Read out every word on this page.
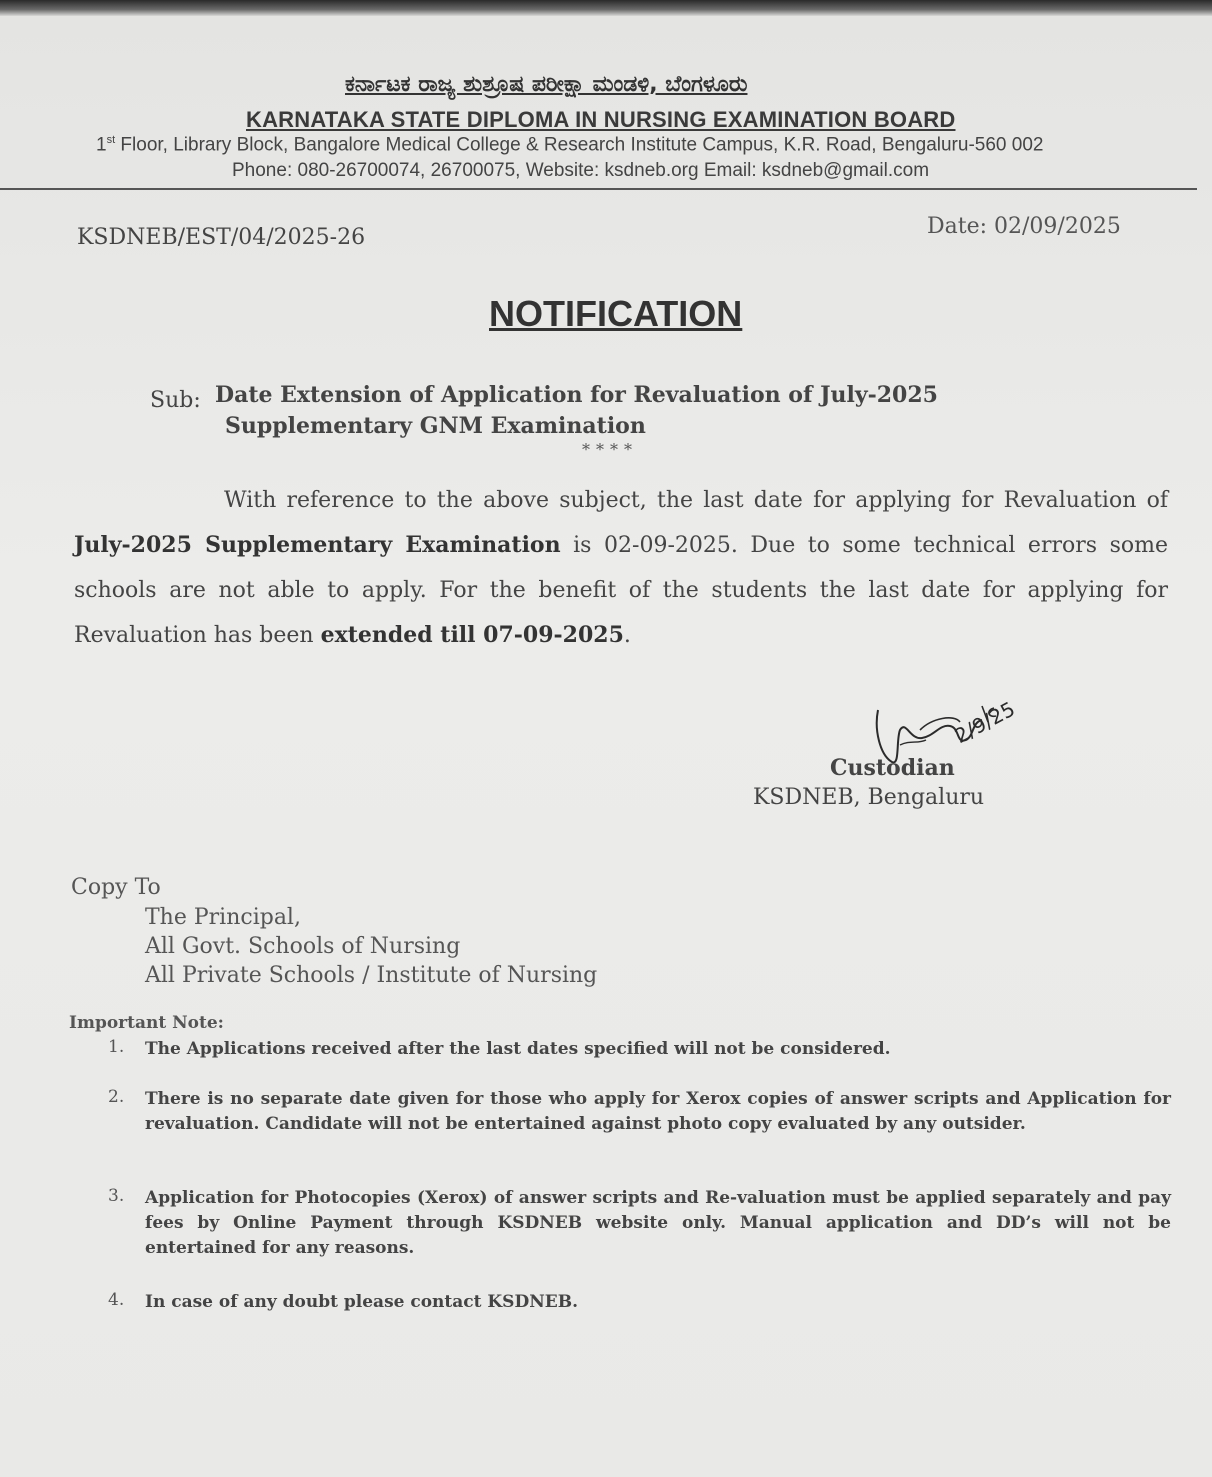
ಕರ್ನಾಟಕ ರಾಜ್ಯ ಶುಶ್ರೂಷ ಪರೀಕ್ಷಾ ಮಂಡಳಿ, ಬೆಂಗಳೂರು
KARNATAKA STATE DIPLOMA IN NURSING EXAMINATION BOARD
1st Floor, Library Block, Bangalore Medical College & Research Institute Campus, K.R. Road, Bengaluru-560 002
Phone: 080-26700074, 26700075, Website: ksdneb.org Email: ksdneb@gmail.com
KSDNEB/EST/04/2025-26	Date: 02/09/2025
NOTIFICATION
Sub: Date Extension of Application for Revaluation of July-2025
Supplementary GNM Examination
****
With reference to the above subject, the last date for applying for Revaluation of July-2025 Supplementary Examination is 02-09-2025. Due to some technical errors some schools are not able to apply. For the benefit of the students the last date for applying for Revaluation has been extended till 07-09-2025.
2/9/25
Custodian
KSDNEB, Bengaluru
Copy To
The Principal,
All Govt. Schools of Nursing
All Private Schools / Institute of Nursing
Important Note:
1. The Applications received after the last dates specified will not be considered.
2. There is no separate date given for those who apply for Xerox copies of answer scripts and Application for revaluation. Candidate will not be entertained against photo copy evaluated by any outsider.
3. Application for Photocopies (Xerox) of answer scripts and Re-valuation must be applied separately and pay fees by Online Payment through KSDNEB website only. Manual application and DD’s will not be entertained for any reasons.
4. In case of any doubt please contact KSDNEB.
